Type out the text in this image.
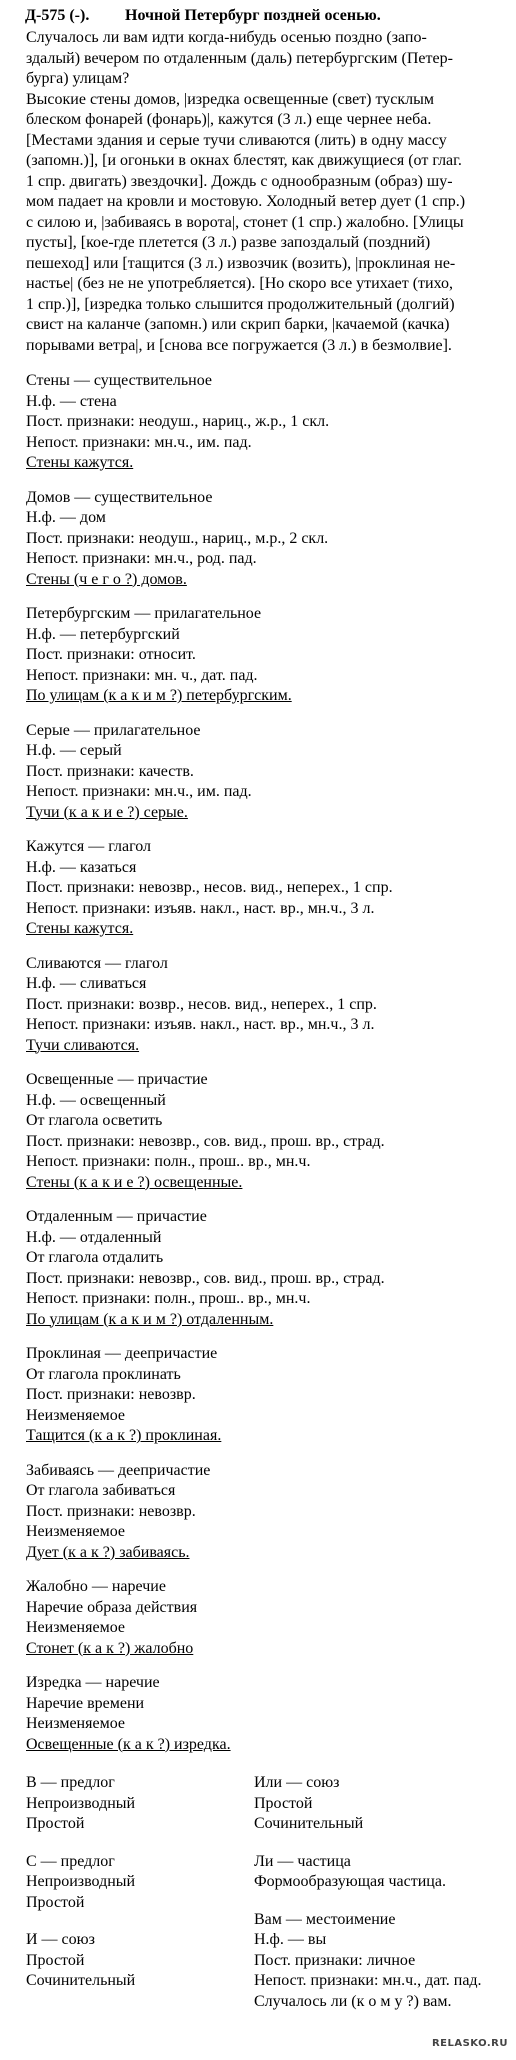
Д-575 (-).	Ночной Петербург поздней осенью.
Случалось ли вам идти когда-нибудь осенью поздно (запо-
здалый) вечером по отдаленным (даль) петербургским (Петер-
бурга) улицам?
Высокие стены домов, |изредка освещенные (свет) тусклым
блеском фонарей (фонарь)|, кажутся (3 л.) еще чернее неба.
[Местами здания и серые тучи сливаются (лить) в одну массу
(запомн.)], [и огоньки в окнах блестят, как движущиеся (от глаг.
1 спр. двигать) звездочки]. Дождь с однообразным (образ) шу-
мом падает на кровли и мостовую. Холодный ветер дует (1 спр.)
с силою и, |забиваясь в ворота|, стонет (1 спр.) жалобно. [Улицы
пусты], [кое-где плетется (3 л.) разве запоздалый (поздний)
пешеход] или [тащится (3 л.) извозчик (возить), |проклиная не-
настье| (без не не употребляется). [Но скоро все утихает (тихо,
1 спр.)], [изредка только слышится продолжительный (долгий)
свист на каланче (запомн.) или скрип барки, |качаемой (качка)
порывами ветра|, и [снова все погружается (3 л.) в безмолвие].
Стены — существительное
Н.ф. — стена
Пост. признаки: неодуш., нариц., ж.р., 1 скл.
Непост. признаки: мн.ч., им. пад.
Стены кажутся.
Домов — существительное
Н.ф. — дом
Пост. признаки: неодуш., нариц., м.р., 2 скл.
Непост. признаки: мн.ч., род. пад.
Стены (ч е г о ?) домов.
Петербургским — прилагательное
Н.ф. — петербургский
Пост. признаки: относит.
Непост. признаки: мн. ч., дат. пад.
По улицам (к а к и м ?) петербургским.
Серые — прилагательное
Н.ф. — серый
Пост. признаки: качеств.
Непост. признаки: мн.ч., им. пад.
Тучи (к а к и е ?) серые.
Кажутся — глагол
Н.ф. — казаться
Пост. признаки: невозвр., несов. вид., неперех., 1 спр.
Непост. признаки: изъяв. накл., наст. вр., мн.ч., 3 л.
Стены кажутся.
Сливаются — глагол
Н.ф. — сливаться
Пост. признаки: возвр., несов. вид., неперех., 1 спр.
Непост. признаки: изъяв. накл., наст. вр., мн.ч., 3 л.
Тучи сливаются.
Освещенные — причастие
Н.ф. — освещенный
От глагола осветить
Пост. признаки: невозвр., сов. вид., прош. вр., страд.
Непост. признаки: полн., прош.. вр., мн.ч.
Стены (к а к и е ?) освещенные.
Отдаленным — причастие
Н.ф. — отдаленный
От глагола отдалить
Пост. признаки: невозвр., сов. вид., прош. вр., страд.
Непост. признаки: полн., прош.. вр., мн.ч.
По улицам (к а к и м ?) отдаленным.
Проклиная — деепричастие
От глагола проклинать
Пост. признаки: невозвр.
Неизменяемое
Тащится (к а к ?) проклиная.
Забиваясь — деепричастие
От глагола забиваться
Пост. признаки: невозвр.
Неизменяемое
Дует (к а к ?) забиваясь.
Жалобно — наречие
Наречие образа действия
Неизменяемое
Стонет (к а к ?) жалобно
Изредка — наречие
Наречие времени
Неизменяемое
Освещенные (к а к ?) изредка.
В — предлог
Непроизводный
Простой
С — предлог
Непроизводный
Простой
И — союз
Простой
Сочинительный
Или — союз
Простой
Сочинительный
Ли — частица
Формообразующая частица.
Вам — местоимение
Н.ф. — вы
Пост. признаки: личное
Непост. признаки: мн.ч., дат. пад.
Случалось ли (к о м у ?) вам.
RELASKO.RU
